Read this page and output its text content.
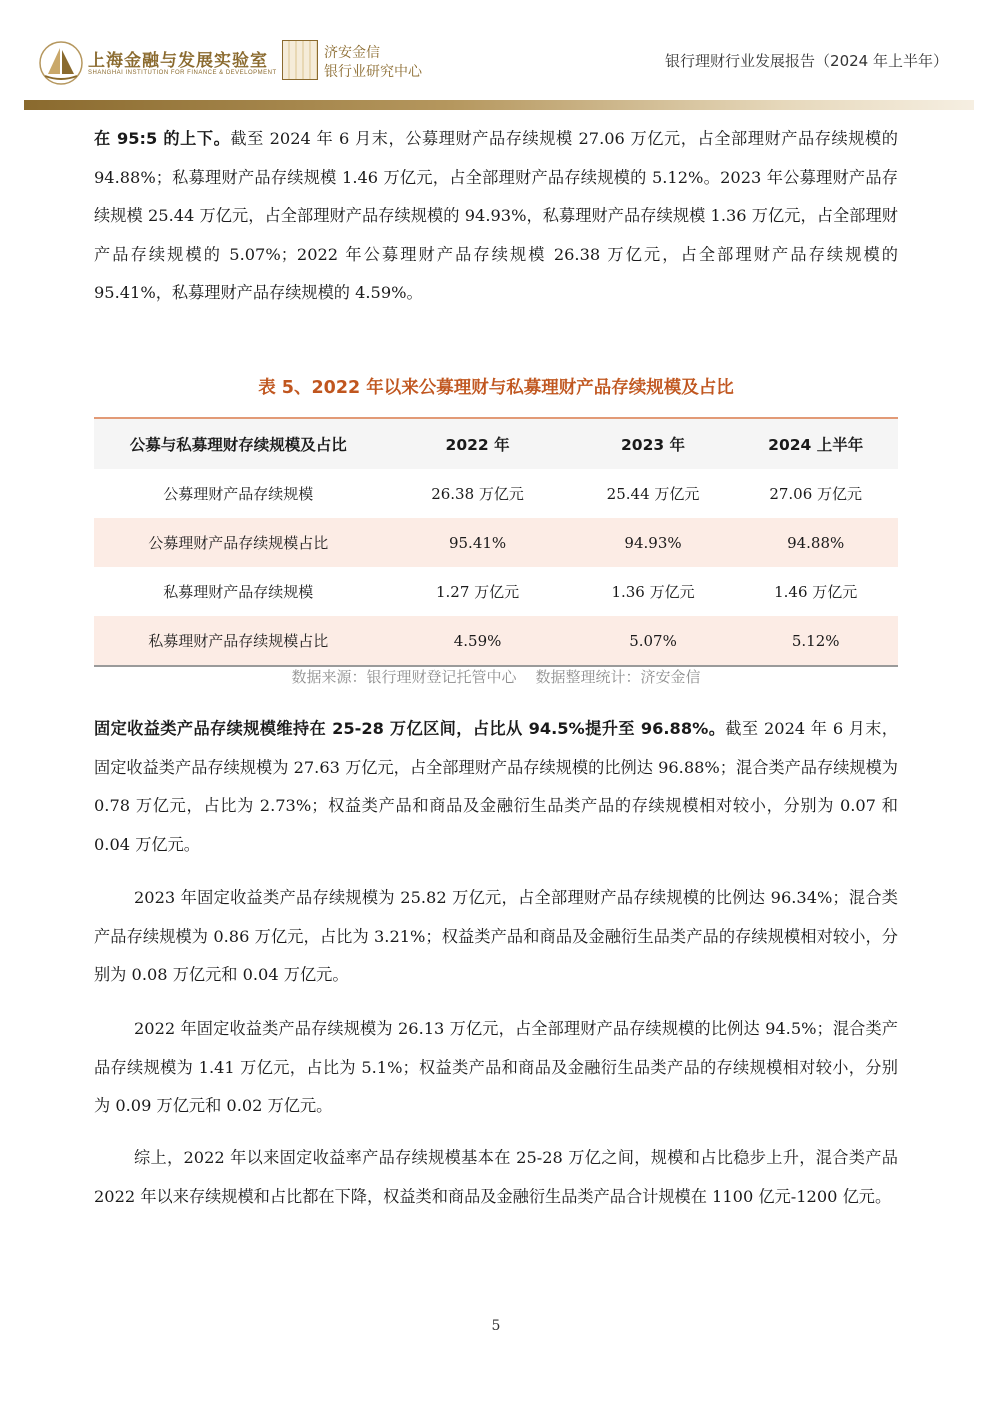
上海金融与发展实验室
SHANGHAI INSTITUTION FOR FINANCE & DEVELOPMENT
济安金信
银行业研究中心
银行理财行业发展报告（2024 年上半年）

在 95:5 的上下。截至 2024 年 6 月末，公募理财产品存续规模 27.06 万亿元，占全部理财产品存续规模的 94.88%；私募理财产品存续规模 1.46 万亿元，占全部理财产品存续规模的 5.12%。2023 年公募理财产品存续规模 25.44 万亿元，占全部理财产品存续规模的 94.93%，私募理财产品存续规模 1.36 万亿元，占全部理财产品存续规模的 5.07%；2022 年公募理财产品存续规模 26.38 万亿元，占全部理财产品存续规模的 95.41%，私募理财产品存续规模的 4.59%。

表 5、2022 年以来公募理财与私募理财产品存续规模及占比
公募与私募理财存续规模及占比	2022 年	2023 年	2024 上半年
公募理财产品存续规模	26.38 万亿元	25.44 万亿元	27.06 万亿元
公募理财产品存续规模占比	95.41%	94.93%	94.88%
私募理财产品存续规模	1.27 万亿元	1.36 万亿元	1.46 万亿元
私募理财产品存续规模占比	4.59%	5.07%	5.12%
数据来源：银行理财登记托管中心    数据整理统计：济安金信

固定收益类产品存续规模维持在 25-28 万亿区间，占比从 94.5%提升至 96.88%。截至 2024 年 6 月末，固定收益类产品存续规模为 27.63 万亿元，占全部理财产品存续规模的比例达 96.88%；混合类产品存续规模为 0.78 万亿元，占比为 2.73%；权益类产品和商品及金融衍生品类产品的存续规模相对较小，分别为 0.07 和 0.04 万亿元。

2023 年固定收益类产品存续规模为 25.82 万亿元，占全部理财产品存续规模的比例达 96.34%；混合类产品存续规模为 0.86 万亿元，占比为 3.21%；权益类产品和商品及金融衍生品类产品的存续规模相对较小，分别为 0.08 万亿元和 0.04 万亿元。

2022 年固定收益类产品存续规模为 26.13 万亿元，占全部理财产品存续规模的比例达 94.5%；混合类产品存续规模为 1.41 万亿元，占比为 5.1%；权益类产品和商品及金融衍生品类产品的存续规模相对较小，分别为 0.09 万亿元和 0.02 万亿元。

综上，2022 年以来固定收益率产品存续规模基本在 25-28 万亿之间，规模和占比稳步上升，混合类产品 2022 年以来存续规模和占比都在下降，权益类和商品及金融衍生品类产品合计规模在 1100 亿元-1200 亿元。

5
